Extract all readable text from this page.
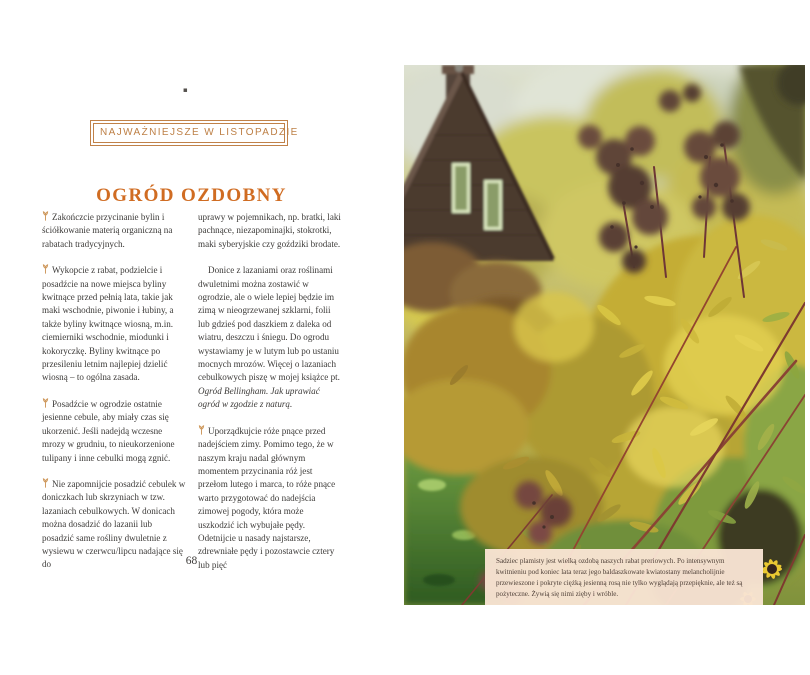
▪
NAJWAŻNIEJSZE W LISTOPADZIE
OGRÓD OZDOBNY

Zakończcie przycinanie bylin i ściółkowanie materią organiczną na rabatach tradycyjnych.

Wykopcie z rabat, podzielcie i posadźcie na nowe miejsca byliny kwitnące przed pełnią lata, takie jak maki wschodnie, piwonie i łubiny, a także byliny kwitnące wiosną, m.in. ciemierniki wschodnie, miodunki i kokoryczkę. Byliny kwitnące po przesileniu letnim najlepiej dzielić wiosną – to ogólna zasada.

Posadźcie w ogrodzie ostatnie jesienne cebule, aby miały czas się ukorzenić. Jeśli nadejdą wczesne mrozy w grudniu, to nieukorzenione tulipany i inne cebulki mogą zgnić.

Nie zapomnijcie posadzić cebulek w doniczkach lub skrzyniach w tzw. lazaniach cebulkowych. W donicach można dosadzić do lazanii lub posadzić same rośliny dwuletnie z wysiewu w czerwcu/lipcu nadające się do

uprawy w pojemnikach, np. bratki, laki pachnące, niezapominajki, stokrotki, maki syberyjskie czy goździki brodate.

Donice z lazaniami oraz roślinami dwuletnimi można zostawić w ogrodzie, ale o wiele lepiej będzie im zimą w nieogrzewanej szklarni, folii lub gdzieś pod daszkiem z daleka od wiatru, deszczu i śniegu. Do ogrodu wystawiamy je w lutym lub po ustaniu mocnych mrozów. Więcej o lazaniach cebulkowych piszę w mojej książce pt. Ogród Bellingham. Jak uprawiać ogród w zgodzie z naturą.

Uporządkujcie róże pnące przed nadejściem zimy. Pomimo tego, że w naszym kraju nadal głównym momentem przycinania róż jest przełom lutego i marca, to róże pnące warto przygotować do nadejścia zimowej pogody, która może uszkodzić ich wybujałe pędy. Odetnijcie u nasady najstarsze, zdrewniałe pędy i pozostawcie cztery lub pięć

68	Sadziec plamisty jest wielką ozdobą naszych rabat preriowych. Po intensywnym kwitnieniu pod koniec lata teraz jego baldaszkowate kwiatostany melancholijnie przewieszone i pokryte ciężką jesienną rosą nie tylko wyglądają przepięknie, ale też są pożyteczne. Żywią się nimi zięby i wróble.
